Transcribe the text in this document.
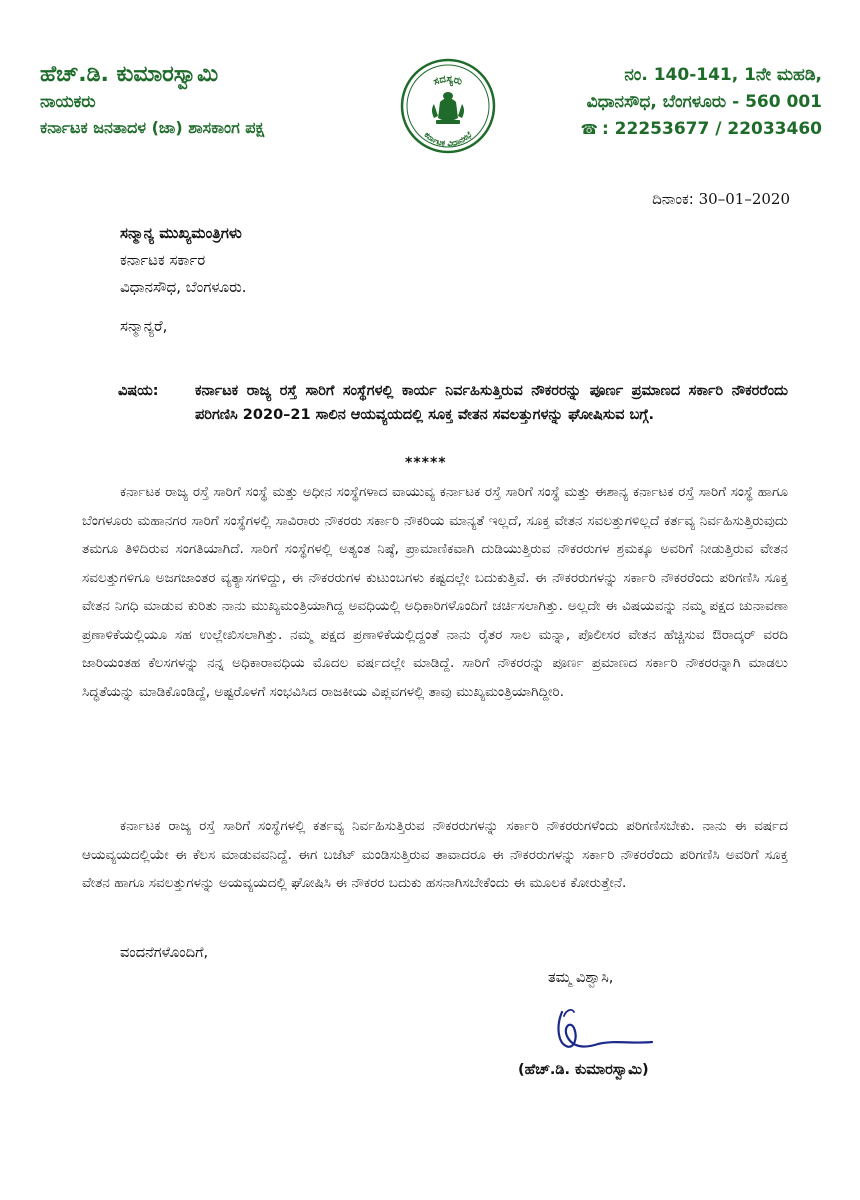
ಹೆಚ್.ಡಿ. ಕುಮಾರಸ್ವಾಮಿ
ನಾಯಕರು
ಕರ್ನಾಟಕ ಜನತಾದಳ (ಜಾ) ಶಾಸಕಾಂಗ ಪಕ್ಷ
ಸದಸ್ಯರು
ಕರ್ನಾಟಕ ವಿಧಾನಸಭೆ
ನಂ. 140-141, 1ನೇ ಮಹಡಿ,
ವಿಧಾನಸೌಧ, ಬೆಂಗಳೂರು - 560 001
☎ : 22253677 / 22033460
ದಿನಾಂಕ: 30–01–2020
ಸನ್ಮಾನ್ಯ ಮುಖ್ಯಮಂತ್ರಿಗಳು
ಕರ್ನಾಟಕ ಸರ್ಕಾರ
ವಿಧಾನಸೌಧ, ಬೆಂಗಳೂರು.
ಸನ್ಮಾನ್ಯರೆ,
ವಿಷಯ:	ಕರ್ನಾಟಕ ರಾಜ್ಯ ರಸ್ತೆ ಸಾರಿಗೆ ಸಂಸ್ಥೆಗಳಲ್ಲಿ ಕಾರ್ಯ ನಿರ್ವಹಿಸುತ್ತಿರುವ ನೌಕರರನ್ನು ಪೂರ್ಣ ಪ್ರಮಾಣದ ಸರ್ಕಾರಿ ನೌಕರರೆಂದು ಪರಿಗಣಿಸಿ 2020–21 ಸಾಲಿನ ಆಯವ್ಯಯದಲ್ಲಿ ಸೂಕ್ತ ವೇತನ ಸವಲತ್ತುಗಳನ್ನು ಘೋಷಿಸುವ ಬಗ್ಗೆ.
*****
ಕರ್ನಾಟಕ ರಾಜ್ಯ ರಸ್ತೆ ಸಾರಿಗೆ ಸಂಸ್ಥೆ ಮತ್ತು ಅಧೀನ ಸಂಸ್ಥೆಗಳಾದ ವಾಯುವ್ಯ ಕರ್ನಾಟಕ ರಸ್ತೆ ಸಾರಿಗೆ ಸಂಸ್ಥೆ ಮತ್ತು ಈಶಾನ್ಯ ಕರ್ನಾಟಕ ರಸ್ತೆ ಸಾರಿಗೆ ಸಂಸ್ಥೆ ಹಾಗೂ ಬೆಂಗಳೂರು ಮಹಾನಗರ ಸಾರಿಗೆ ಸಂಸ್ಥೆಗಳಲ್ಲಿ ಸಾವಿರಾರು ನೌಕರರು ಸರ್ಕಾರಿ ನೌಕರಿಯ ಮಾನ್ಯತೆ ಇಲ್ಲದೆ, ಸೂಕ್ತ ವೇತನ ಸವಲತ್ತುಗಳಿಲ್ಲದೆ ಕರ್ತವ್ಯ ನಿರ್ವಹಿಸುತ್ತಿರುವುದು ತಮಗೂ ತಿಳಿದಿರುವ ಸಂಗತಿಯಾಗಿದೆ. ಸಾರಿಗೆ ಸಂಸ್ಥೆಗಳಲ್ಲಿ ಅತ್ಯಂತ ನಿಷ್ಠೆ, ಪ್ರಾಮಾಣಿಕವಾಗಿ ದುಡಿಯುತ್ತಿರುವ ನೌಕರರುಗಳ ಶ್ರಮಕ್ಕೂ ಅವರಿಗೆ ನೀಡುತ್ತಿರುವ ವೇತನ ಸವಲತ್ತುಗಳಿಗೂ ಅಜಗಜಾಂತರ ವ್ಯತ್ಯಾಸಗಳಿದ್ದು, ಈ ನೌಕರರುಗಳ ಕುಟುಂಬಗಳು ಕಷ್ಟದಲ್ಲೇ ಬದುಕುತ್ತಿವೆ. ಈ ನೌಕರರುಗಳನ್ನು ಸರ್ಕಾರಿ ನೌಕರರೆಂದು ಪರಿಗಣಿಸಿ ಸೂಕ್ತ ವೇತನ ನಿಗಧಿ ಮಾಡುವ ಕುರಿತು ನಾನು ಮುಖ್ಯಮಂತ್ರಿಯಾಗಿದ್ದ ಅವಧಿಯಲ್ಲಿ ಅಧಿಕಾರಿಗಳೊಂದಿಗೆ ಚರ್ಚಿಸಲಾಗಿತ್ತು. ಅಲ್ಲದೇ ಈ ವಿಷಯವನ್ನು ನಮ್ಮ ಪಕ್ಷದ ಚುನಾವಣಾ ಪ್ರಣಾಳಿಕೆಯಲ್ಲಿಯೂ ಸಹ ಉಲ್ಲೇಖಿಸಲಾಗಿತ್ತು. ನಮ್ಮ ಪಕ್ಷದ ಪ್ರಣಾಳಿಕೆಯಲ್ಲಿದ್ದಂತೆ ನಾನು ರೈತರ ಸಾಲ ಮನ್ನಾ, ಪೊಲೀಸರ ವೇತನ ಹೆಚ್ಚಿಸುವ ಔರಾದ್ಕರ್ ವರದಿ ಜಾರಿಯಂತಹ ಕೆಲಸಗಳನ್ನು ನನ್ನ ಅಧಿಕಾರಾವಧಿಯ ಮೊದಲ ವರ್ಷದಲ್ಲೇ ಮಾಡಿದ್ದೆ. ಸಾರಿಗೆ ನೌಕರರನ್ನು ಪೂರ್ಣ ಪ್ರಮಾಣದ ಸರ್ಕಾರಿ ನೌಕರರನ್ನಾಗಿ ಮಾಡಲು ಸಿದ್ಧತೆಯನ್ನು ಮಾಡಿಕೊಂಡಿದ್ದೆ, ಅಷ್ಟರೊಳಗೆ ಸಂಭವಿಸಿದ ರಾಜಕೀಯ ವಿಪ್ಲವಗಳಲ್ಲಿ ತಾವು ಮುಖ್ಯಮಂತ್ರಿಯಾಗಿದ್ದೀರಿ.
ಕರ್ನಾಟಕ ರಾಜ್ಯ ರಸ್ತೆ ಸಾರಿಗೆ ಸಂಸ್ಥೆಗಳಲ್ಲಿ ಕರ್ತವ್ಯ ನಿರ್ವಹಿಸುತ್ತಿರುವ ನೌಕರರುಗಳನ್ನು ಸರ್ಕಾರಿ ನೌಕರರುಗಳೆಂದು ಪರಿಗಣಿಸಬೇಕು. ನಾನು ಈ ವರ್ಷದ ಆಯವ್ಯಯದಲ್ಲಿಯೇ ಈ ಕೆಲಸ ಮಾಡುವವನಿದ್ದೆ. ಈಗ ಬಜೆಟ್ ಮಂಡಿಸುತ್ತಿರುವ ತಾವಾದರೂ ಈ ನೌಕರರುಗಳನ್ನು ಸರ್ಕಾರಿ ನೌಕರರೆಂದು ಪರಿಗಣಿಸಿ ಅವರಿಗೆ ಸೂಕ್ತ ವೇತನ ಹಾಗೂ ಸವಲತ್ತುಗಳನ್ನು ಅಯವ್ಯಯದಲ್ಲಿ ಘೋಷಿಸಿ ಈ ನೌಕರರ ಬದುಕು ಹಸನಾಗಿಸಬೇಕೆಂದು ಈ ಮೂಲಕ ಕೋರುತ್ತೇನೆ.
ವಂದನೆಗಳೊಂದಿಗೆ,
ತಮ್ಮ ವಿಶ್ವಾಸಿ,
(ಹೆಚ್.ಡಿ. ಕುಮಾರಸ್ವಾಮಿ)
